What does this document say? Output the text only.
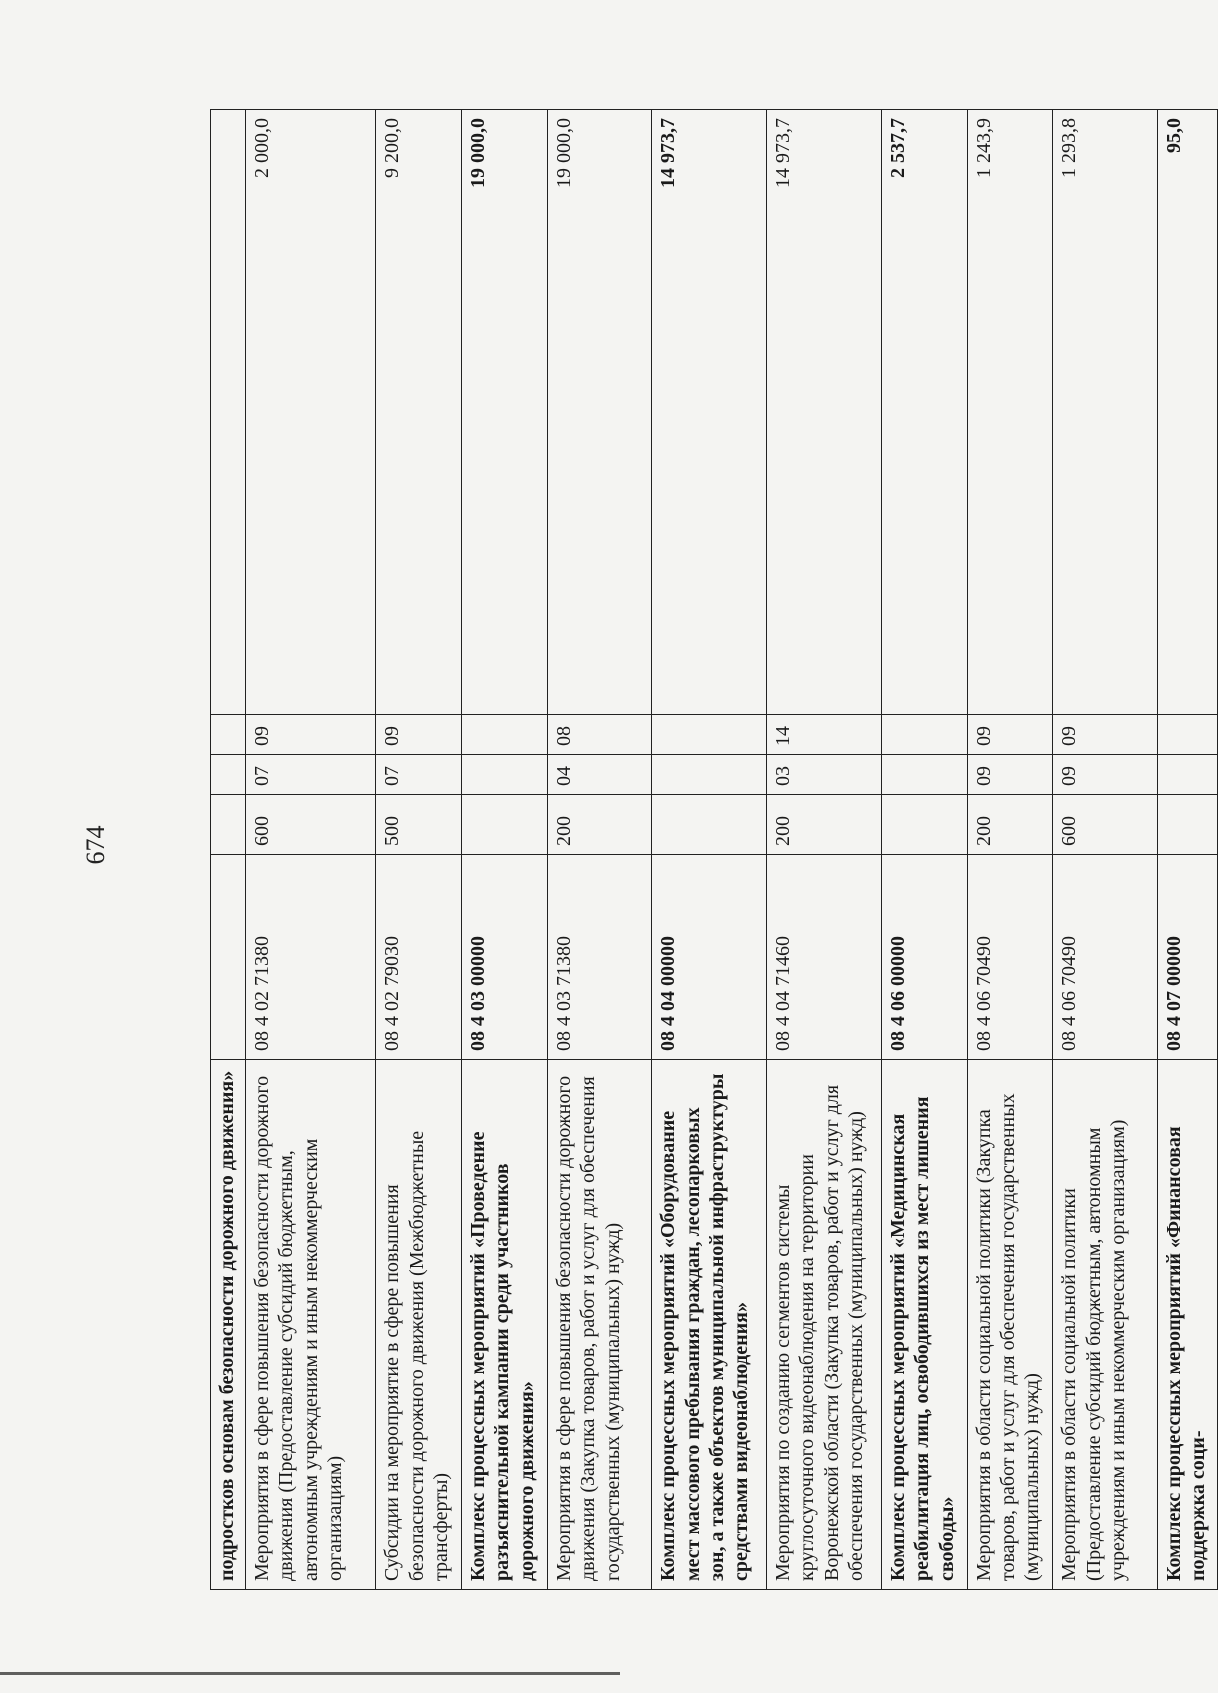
674
подростков основам безопасности дорожного движения»					
Мероприятия в сфере повышения безопасности дорожного движения (Предоставление субсидий бюджетным, автономным учреждениям и иным некоммерческим организациям)	08 4 02 71380	600	07	09	2 000,0
Субсидии на мероприятие в сфере повышения безопасности дорожного движения (Межбюджетные трансферты)	08 4 02 79030	500	07	09	9 200,0
Комплекс процессных мероприятий «Проведение разъяснительной кампании среди участников дорожного движения»	08 4 03 00000				19 000,0
Мероприятия в сфере повышения безопасности дорожного движения (Закупка товаров, работ и услуг для обеспечения государственных (муниципальных) нужд)	08 4 03 71380	200	04	08	19 000,0
Комплекс процессных мероприятий «Оборудование мест массового пребывания граждан, лесопарковых зон, а также объектов муниципальной инфраструктуры средствами видеонаблюдения»	08 4 04 00000				14 973,7
Мероприятия по созданию сегментов системы круглосуточного видеонаблюдения на территории Воронежской области (Закупка товаров, работ и услуг для обеспечения государственных (муниципальных) нужд)	08 4 04 71460	200	03	14	14 973,7
Комплекс процессных мероприятий «Медицинская реабилитация лиц, освободившихся из мест лишения свободы»	08 4 06 00000				2 537,7
Мероприятия в области социальной политики (Закупка товаров, работ и услуг для обеспечения государственных (муниципальных) нужд)	08 4 06 70490	200	09	09	1 243,9
Мероприятия в области социальной политики (Предоставление субсидий бюджетным, автономным учреждениям и иным некоммерческим организациям)	08 4 06 70490	600	09	09	1 293,8
Комплекс процессных мероприятий «Финансовая поддержка соци-	08 4 07 00000				95,0
